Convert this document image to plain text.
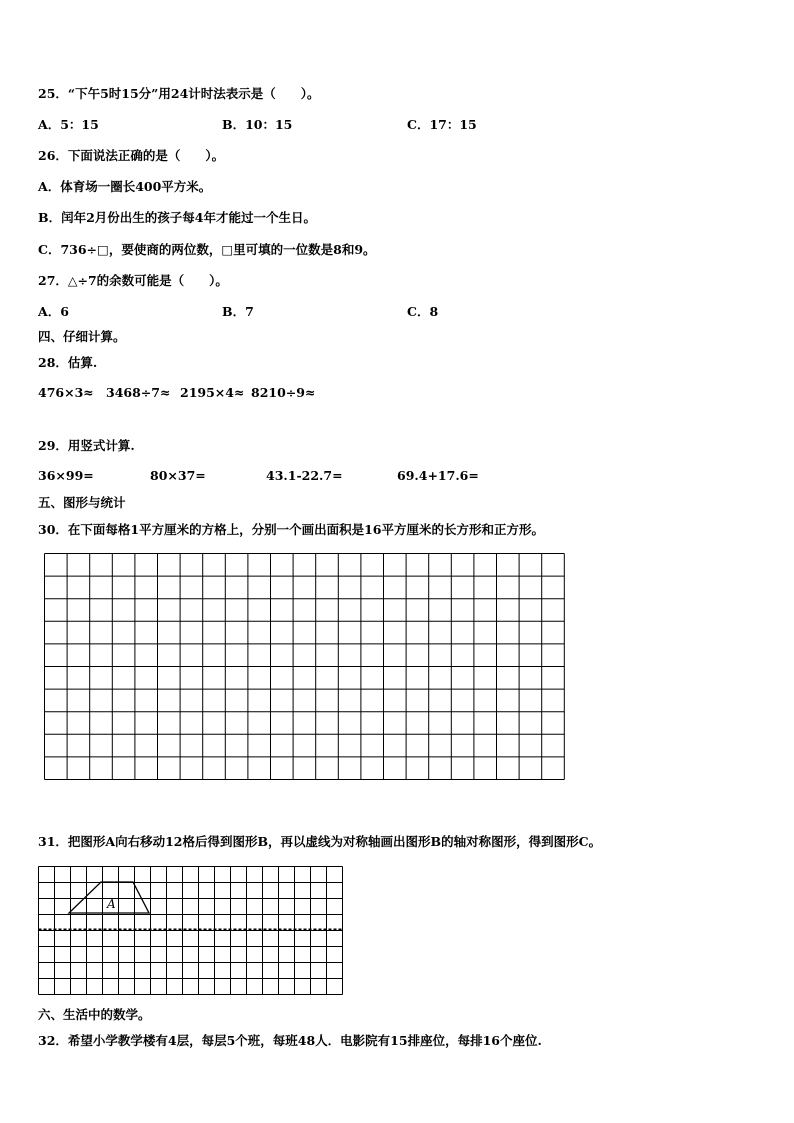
25．“下午5时15分”用24计时法表示是（　　）。
A．5：15	B．10：15	C．17：15
26．下面说法正确的是（　　）。
A．体育场一圈长400平方米。
B．闰年2月份出生的孩子每4年才能过一个生日。
C．736÷□，要使商的两位数，□里可填的一位数是8和9。
27．△÷7的余数可能是（　　）。
A．6	B．7	C．8
四、仔细计算。
28．估算.
476×3≈ 3468÷7≈ 2195×4≈ 8210÷9≈
29．用竖式计算.
36×99=	80×37=	43.1-22.7=	69.4+17.6=
五、图形与统计
30．在下面每格1平方厘米的方格上，分别一个画出面积是16平方厘米的长方形和正方形。
31．把图形A向右移动12格后得到图形B，再以虚线为对称轴画出图形B的轴对称图形，得到图形C。
A
六、生活中的数学。
32．希望小学教学楼有4层，每层5个班，每班48人．电影院有15排座位，每排16个座位.
